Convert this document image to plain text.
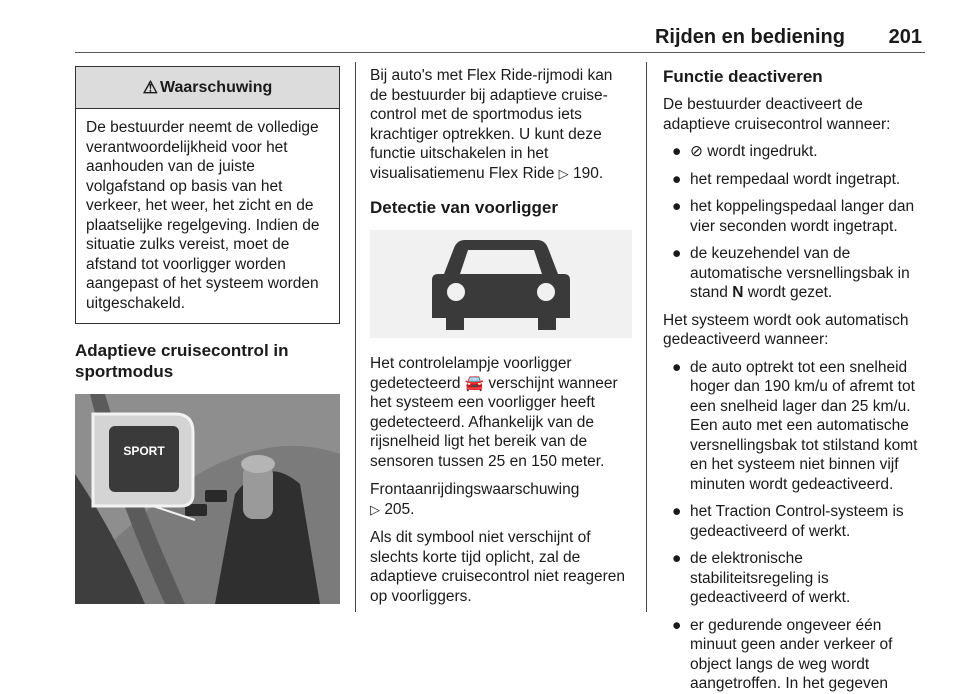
Rijden en bediening 201
⚠ Waarschuwing
De bestuurder neemt de volledige verantwoordelijkheid voor het aanhouden van de juiste volgafstand op basis van het verkeer, het weer, het zicht en de plaatselijke regelgeving. Indien de situatie zulks vereist, moet de afstand tot voorligger worden aangepast of het systeem worden uitgeschakeld.
Adaptieve cruisecontrol in sportmodus
SPORT

Bij auto's met Flex Ride-rijmodi kan de bestuurder bij adaptieve cruise-control met de sportmodus iets krachtiger optrekken. U kunt deze functie uitschakelen in het visualisatiemenu Flex Ride ▷ 190.

Detectie van voorligger

Het controlelampje voorligger gedetecteerd 🚘 verschijnt wanneer het systeem een voorligger heeft gedetecteerd. Afhankelijk van de rijsnelheid ligt het bereik van de sensoren tussen 25 en 150 meter.

Frontaanrijdingswaarschuwing
▷ 205.

Als dit symbool niet verschijnt of slechts korte tijd oplicht, zal de adaptieve cruisecontrol niet reageren op voorliggers.

Functie deactiveren

De bestuurder deactiveert de adaptieve cruisecontrol wanneer:

● ⊘ wordt ingedrukt.
● het rempedaal wordt ingetrapt.
● het koppelingspedaal langer dan vier seconden wordt ingetrapt.
● de keuzehendel van de automatische versnellingsbak in stand N wordt gezet.

Het systeem wordt ook automatisch gedeactiveerd wanneer:

● de auto optrekt tot een snelheid hoger dan 190 km/u of afremt tot een snelheid lager dan 25 km/u. Een auto met een automatische versnellingsbak tot stilstand komt en het systeem niet binnen vijf minuten wordt gedeactiveerd.
● het Traction Control-systeem is gedeactiveerd of werkt.
● de elektronische stabiliteitsregeling is gedeactiveerd of werkt.
● er gedurende ongeveer één minuut geen ander verkeer of object langs de weg wordt aangetroffen. In het gegeven
